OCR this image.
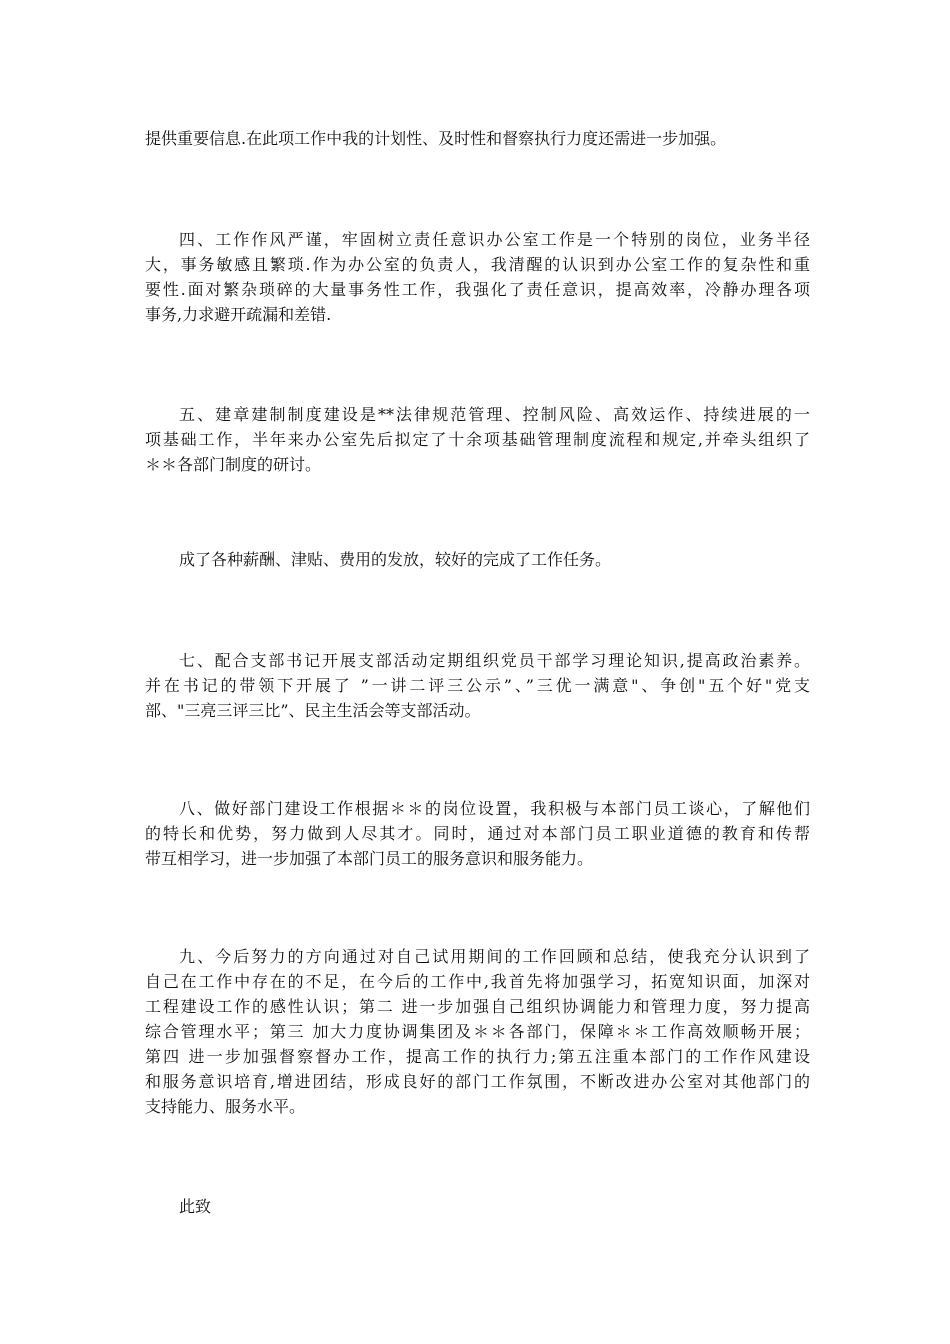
提供重要信息.在此项工作中我的计划性、及时性和督察执行力度还需进一步加强。

四、工作作风严谨，牢固树立责任意识办公室工作是一个特别的岗位，业务半径
大，事务敏感且繁琐.作为办公室的负责人，我清醒的认识到办公室工作的复杂性和重
要性.面对繁杂琐碎的大量事务性工作，我强化了责任意识，提高效率，冷静办理各项
事务,力求避开疏漏和差错.

五、建章建制制度建设是**法律规范管理、控制风险、高效运作、持续进展的一
项基础工作，半年来办公室先后拟定了十余项基础管理制度流程和规定,并牵头组织了
＊＊各部门制度的研讨。

成了各种薪酬、津贴、费用的发放，较好的完成了工作任务。

七、配合支部书记开展支部活动定期组织党员干部学习理论知识,提高政治素养。
并在书记的带领下开展了 ”一讲二评三公示”、”三优一满意"、争创"五个好"党支
部、"三亮三评三比”、民主生活会等支部活动。

八、做好部门建设工作根据＊＊的岗位设置，我积极与本部门员工谈心，了解他们
的特长和优势，努力做到人尽其才。同时，通过对本部门员工职业道德的教育和传帮
带互相学习，进一步加强了本部门员工的服务意识和服务能力。

九、今后努力的方向通过对自己试用期间的工作回顾和总结，使我充分认识到了
自己在工作中存在的不足，在今后的工作中,我首先将加强学习，拓宽知识面，加深对
工程建设工作的感性认识；第二 进一步加强自己组织协调能力和管理力度，努力提高
综合管理水平；第三 加大力度协调集团及＊＊各部门，保障＊＊工作高效顺畅开展；
第四 进一步加强督察督办工作，提高工作的执行力;第五注重本部门的工作作风建设
和服务意识培育,增进团结，形成良好的部门工作氛围，不断改进办公室对其他部门的
支持能力、服务水平。

此致
